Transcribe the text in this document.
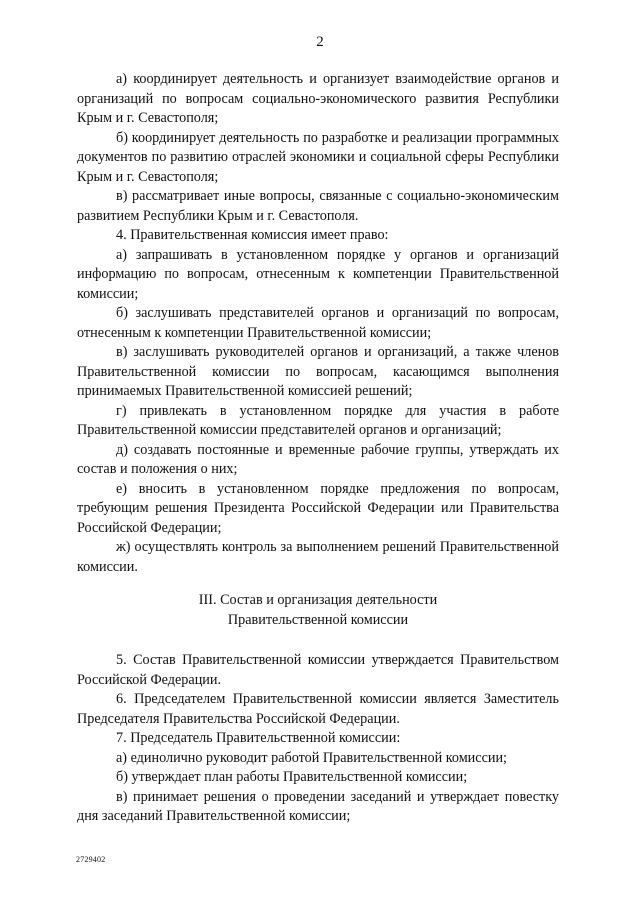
2

а) координирует деятельность и организует взаимодействие органов и организаций по вопросам социально-экономического развития Республики Крым и г. Севастополя;

б) координирует деятельность по разработке и реализации программных документов по развитию отраслей экономики и социальной сферы Республики Крым и г. Севастополя;

в) рассматривает иные вопросы, связанные с социально-экономическим развитием Республики Крым и г. Севастополя.

4. Правительственная комиссия имеет право:

а) запрашивать в установленном порядке у органов и организаций информацию по вопросам, отнесенным к компетенции Правительственной комиссии;

б) заслушивать представителей органов и организаций по вопросам, отнесенным к компетенции Правительственной комиссии;

в) заслушивать руководителей органов и организаций, а также членов Правительственной комиссии по вопросам, касающимся выполнения принимаемых Правительственной комиссией решений;

г) привлекать в установленном порядке для участия в работе Правительственной комиссии представителей органов и организаций;

д) создавать постоянные и временные рабочие группы, утверждать их состав и положения о них;

е) вносить в установленном порядке предложения по вопросам, требующим решения Президента Российской Федерации или Правительства Российской Федерации;

ж) осуществлять контроль за выполнением решений Правительственной комиссии.

III. Состав и организация деятельности
Правительственной комиссии

5. Состав Правительственной комиссии утверждается Правительством Российской Федерации.

6. Председателем Правительственной комиссии является Заместитель Председателя Правительства Российской Федерации.

7. Председатель Правительственной комиссии:

а) единолично руководит работой Правительственной комиссии;

б) утверждает план работы Правительственной комиссии;

в) принимает решения о проведении заседаний и утверждает повестку дня заседаний Правительственной комиссии;

2729402
